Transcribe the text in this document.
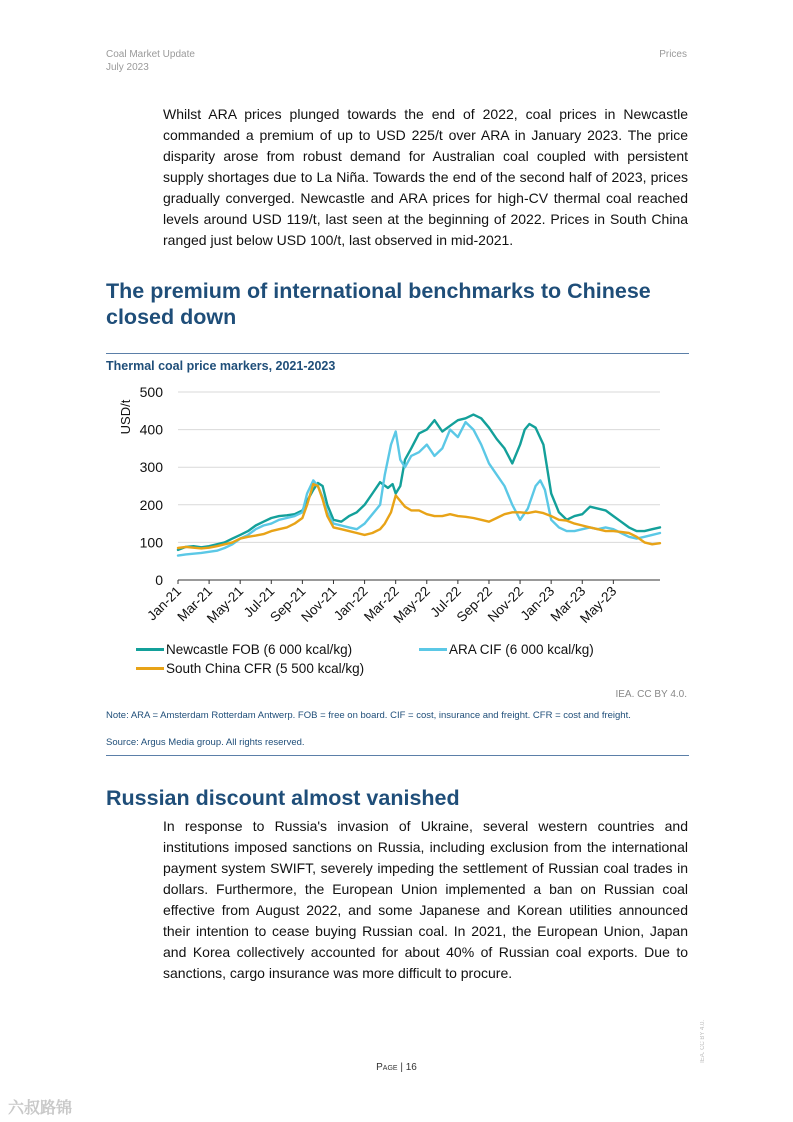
Coal Market Update
July 2023
Prices

Whilst ARA prices plunged towards the end of 2022, coal prices in Newcastle commanded a premium of up to USD 225/t over ARA in January 2023. The price disparity arose from robust demand for Australian coal coupled with persistent supply shortages due to La Niña. Towards the end of the second half of 2023, prices gradually converged. Newcastle and ARA prices for high-CV thermal coal reached levels around USD 119/t, last seen at the beginning of 2022. Prices in South China ranged just below USD 100/t, last observed in mid-2021.

The premium of international benchmarks to Chinese closed down
Thermal coal price markers, 2021-2023
0
100
200
300
400
500
USD/t
Jan-21
Mar-21
May-21
Jul-21
Sep-21
Nov-21
Jan-22
Mar-22
May-22
Jul-22
Sep-22
Nov-22
Jan-23
Mar-23
May-23
Newcastle FOB (6 000 kcal/kg)	ARA CIF (6 000 kcal/kg)
South China CFR (5 500 kcal/kg)
IEA. CC BY 4.0.
Note: ARA = Amsterdam Rotterdam Antwerp. FOB = free on board. CIF = cost, insurance and freight. CFR = cost and freight.
Source: Argus Media group. All rights reserved.
Russian discount almost vanished

In response to Russia's invasion of Ukraine, several western countries and institutions imposed sanctions on Russia, including exclusion from the international payment system SWIFT, severely impeding the settlement of Russian coal trades in dollars. Furthermore, the European Union implemented a ban on Russian coal effective from August 2022, and some Japanese and Korean utilities announced their intention to cease buying Russian coal. In 2021, the European Union, Japan and Korea collectively accounted for about 40% of Russian coal exports. Due to sanctions, cargo insurance was more difficult to procure.

Page | 16
IEA. CC BY 4.0.
六叔路锦
